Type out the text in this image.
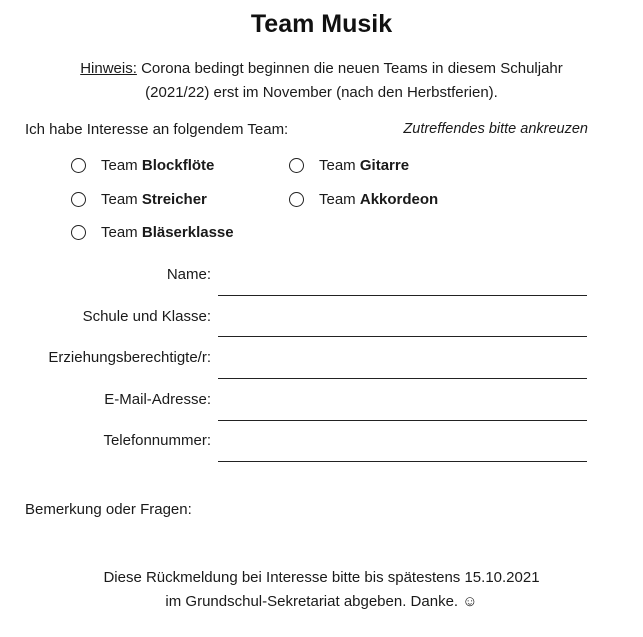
Team Musik
Hinweis: Corona bedingt beginnen die neuen Teams in diesem Schuljahr
(2021/22) erst im November (nach den Herbstferien).
Ich habe Interesse an folgendem Team:	Zutreffendes bitte ankreuzen
Team Blockflöte
Team Streicher
Team Bläserklasse
Team Gitarre
Team Akkordeon
Name:
Schule und Klasse:
Erziehungsberechtigte/r:
E-Mail-Adresse:
Telefonnummer:
Bemerkung oder Fragen:
Diese Rückmeldung bei Interesse bitte bis spätestens 15.10.2021
im Grundschul-Sekretariat abgeben. Danke. ☺
